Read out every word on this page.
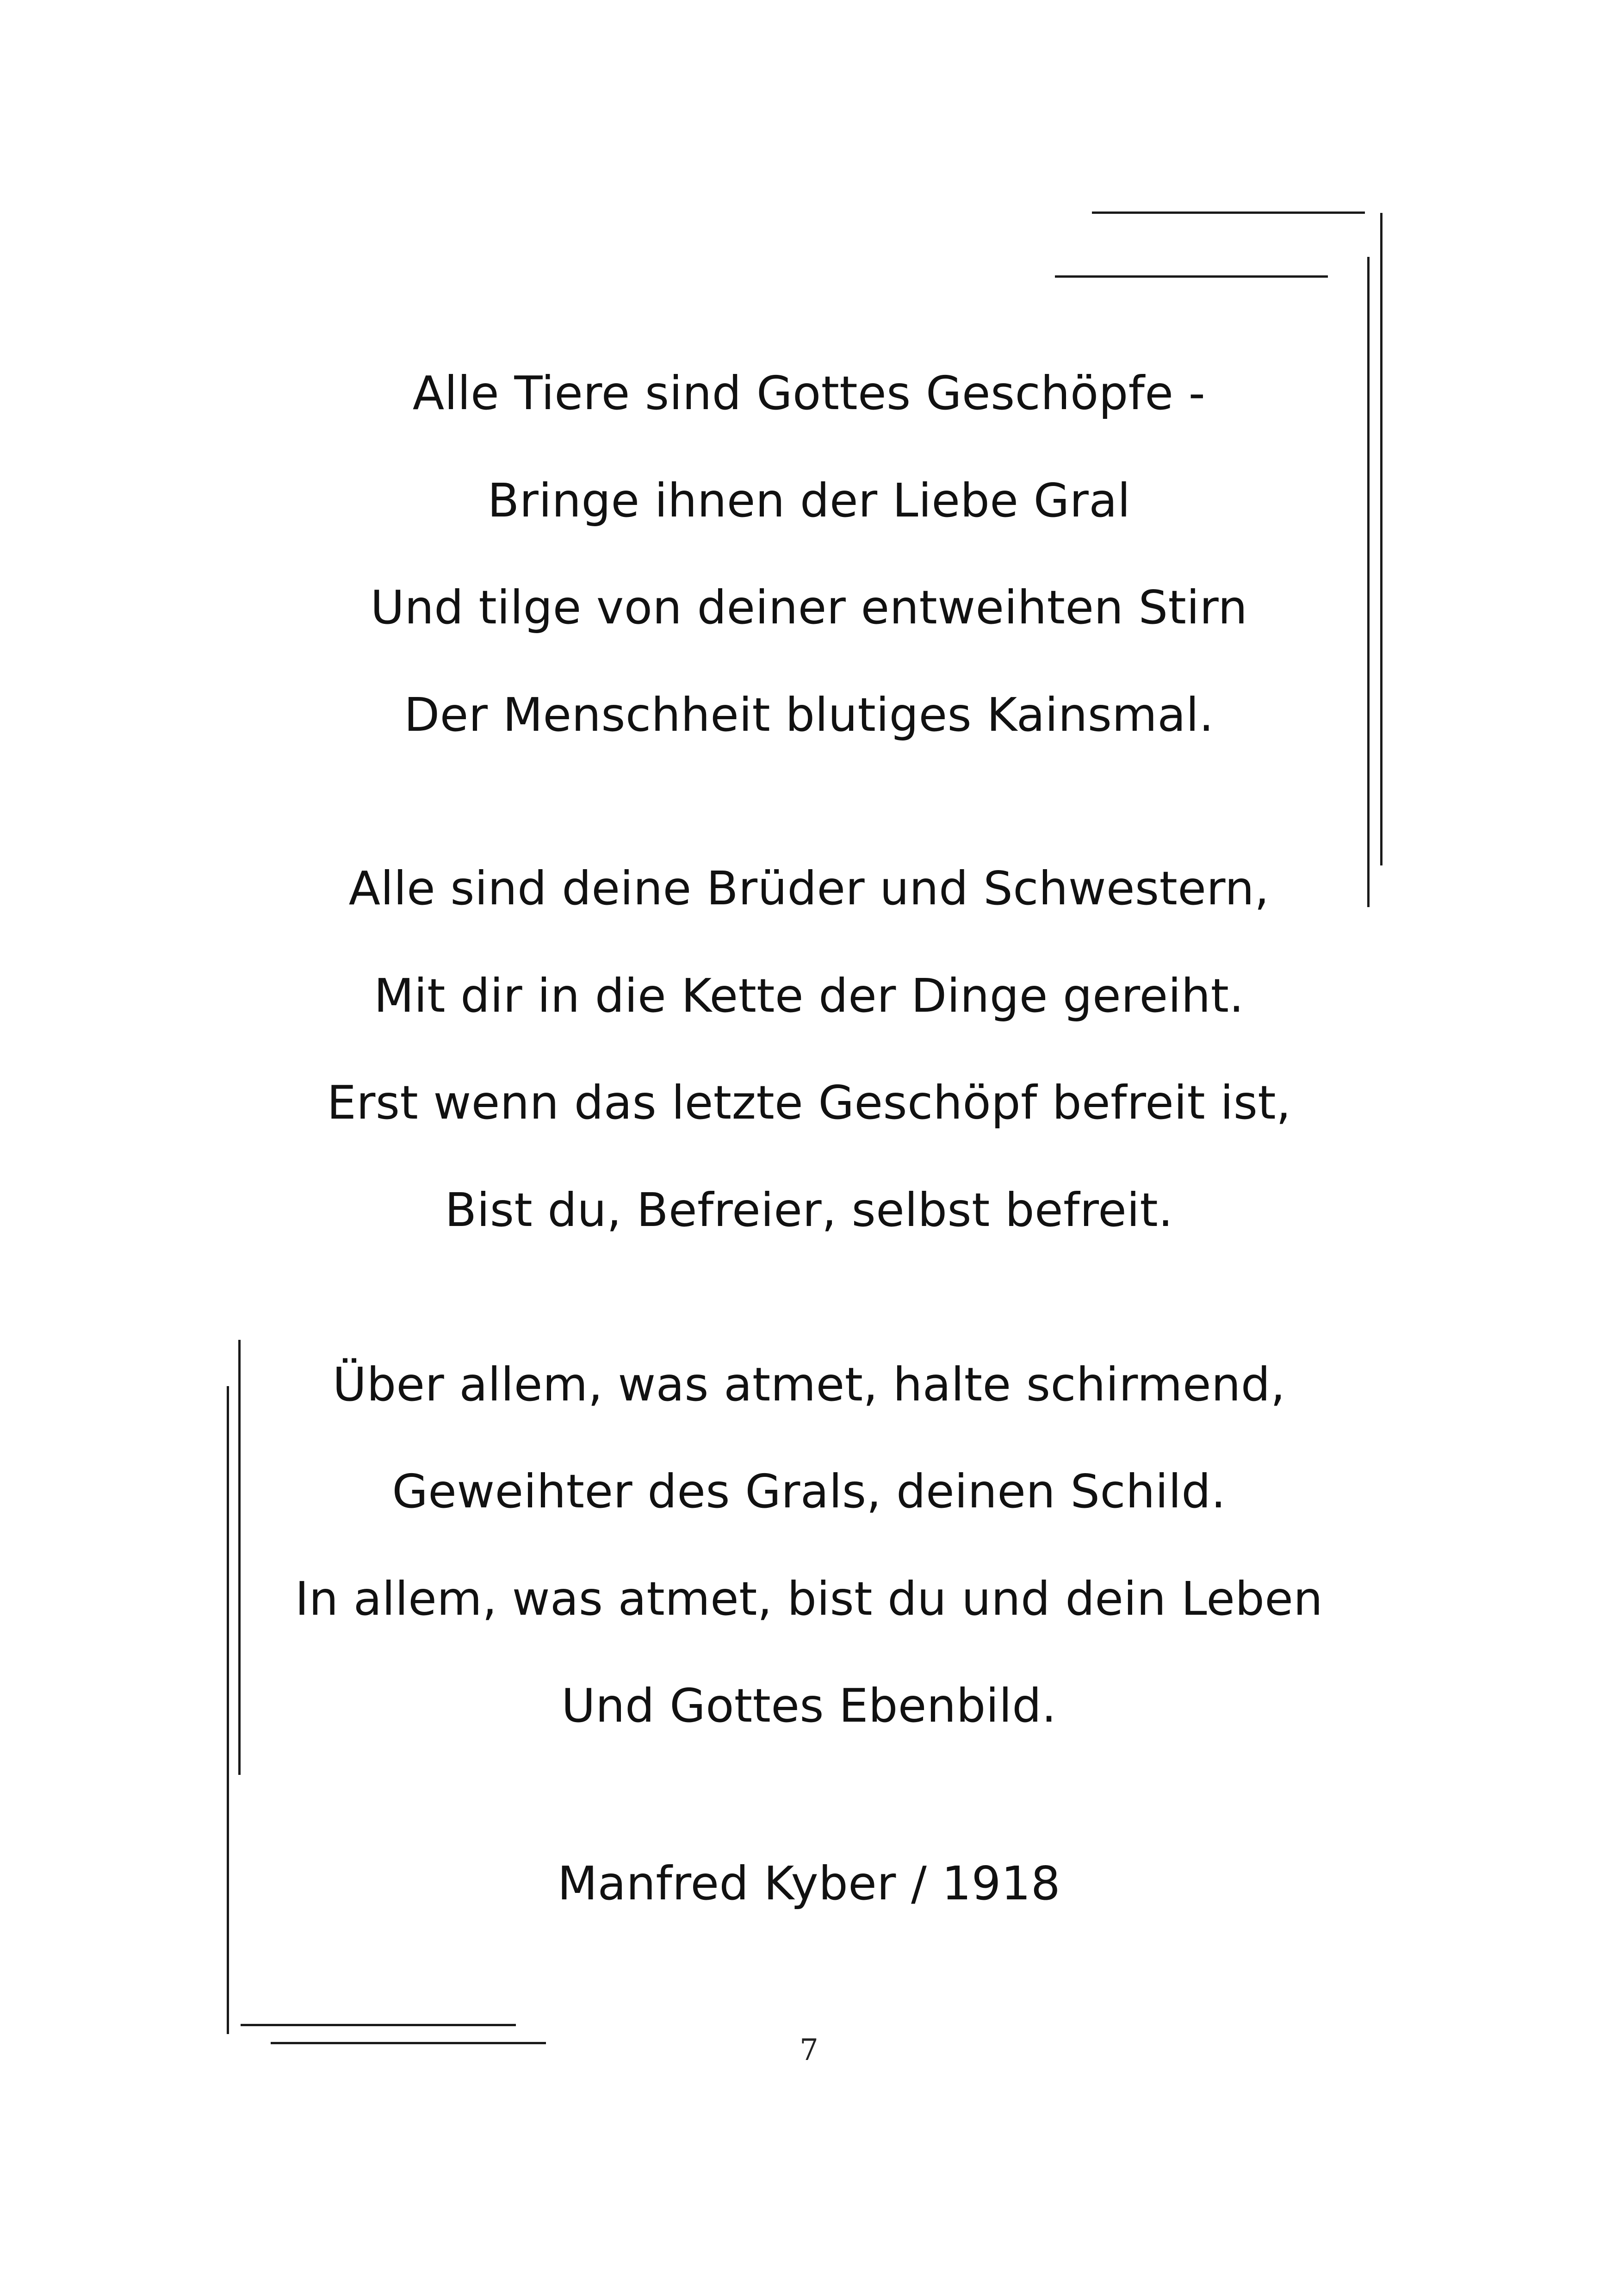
Alle Tiere sind Gottes Geschöpfe -
Bringe ihnen der Liebe Gral
Und tilge von deiner entweihten Stirn
Der Menschheit blutiges Kainsmal.
Alle sind deine Brüder und Schwestern,
Mit dir in die Kette der Dinge gereiht.
Erst wenn das letzte Geschöpf befreit ist,
Bist du, Befreier, selbst befreit.
Über allem, was atmet, halte schirmend,
Geweihter des Grals, deinen Schild.
In allem, was atmet, bist du und dein Leben
Und Gottes Ebenbild.
Manfred Kyber / 1918
7
